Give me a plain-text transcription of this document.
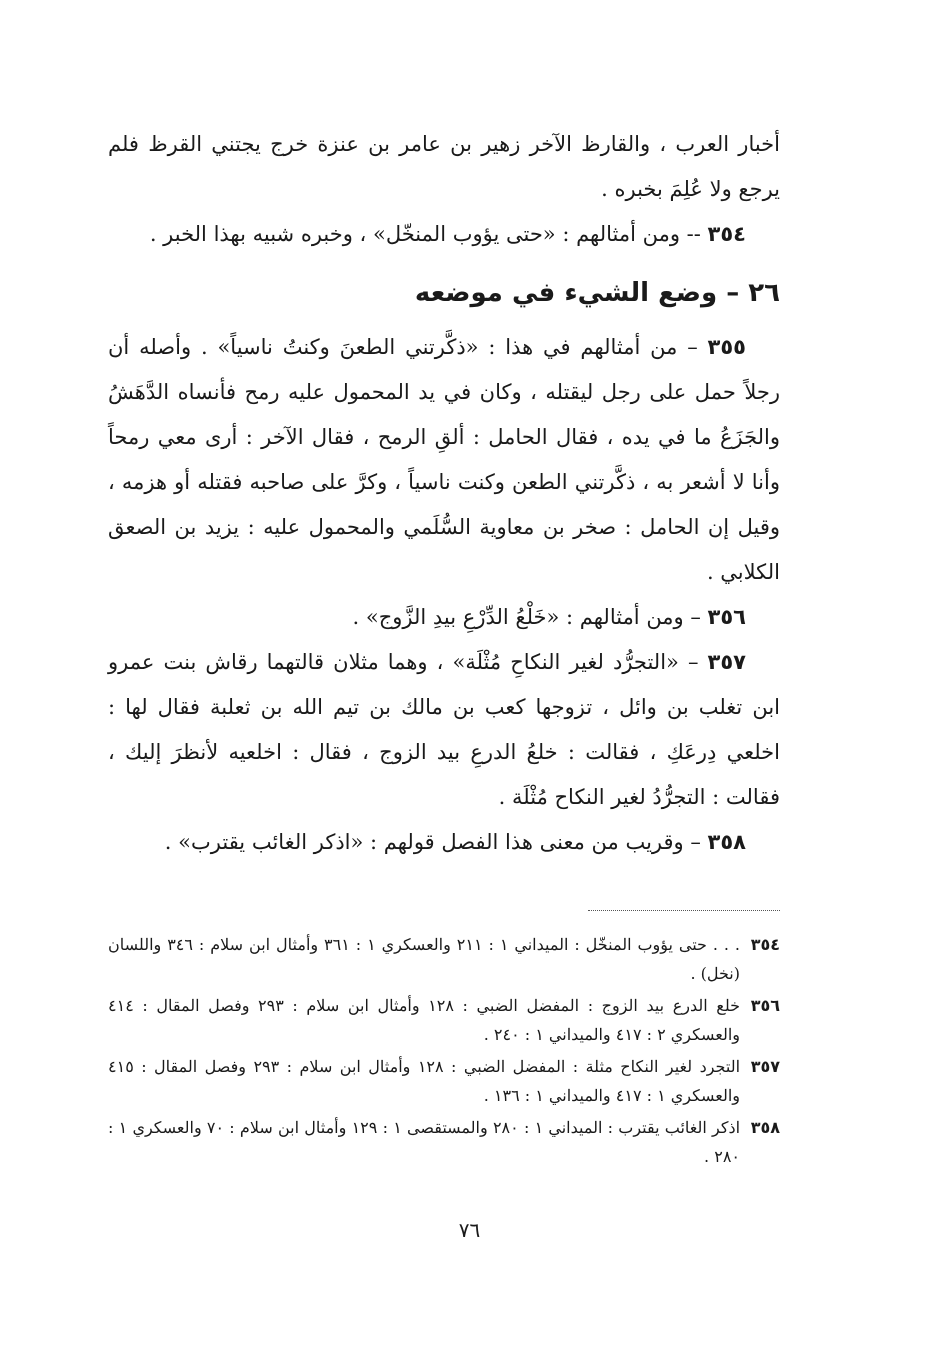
أخبار العرب ، والقارظ الآخر زهير بن عامر بن عنزة خرج يجتني القرظ فلم يرجع ولا عُلِمَ بخبره .

٣٥٤ -- ومن أمثالهم : «حتى يؤوب المنخّل» ، وخبره شبيه بهذا الخبر .

٢٦ – وضع الشيء في موضعه

٣٥٥ – من أمثالهم في هذا : «ذكَّرتني الطعنَ وكنتُ ناسياً» . وأصله أن رجلاً حمل على رجل ليقتله ، وكان في يد المحمول عليه رمح فأنساه الدَّهَشُ والجَزَعُ ما في يده ، فقال الحامل : ألقِ الرمح ، فقال الآخر : أرى معي رمحاً وأنا لا أشعر به ، ذكَّرتني الطعن وكنت ناسياً ، وكرَّ على صاحبه فقتله أو هزمه ، وقيل إن الحامل : صخر بن معاوية السُّلَمي والمحمول عليه : يزيد بن الصعق الكلابي .

٣٥٦ – ومن أمثالهم : «خَلْعُ الدِّرْعِ بيدِ الزَّوج» .

٣٥٧ – «التجرُّد لغير النكاحِ مُثْلَة» ، وهما مثلان قالتهما رقاش بنت عمرو ابن تغلب بن وائل ، تزوجها كعب بن مالك بن تيم الله بن ثعلبة فقال لها : اخلعي دِرعَكِ ، فقالت : خلعُ الدرعِ بيد الزوج ، فقال : اخلعيه لأنظرَ إليك ، فقالت : التجرُّدُ لغير النكاح مُثْلَة .

٣٥٨ – وقريب من معنى هذا الفصل قولهم : «اذكر الغائب يقترب» .

٣٥٤
. . . حتى يؤوب المنخّل : الميداني ١ : ٢١١ والعسكري ١ : ٣٦١ وأمثال ابن سلام : ٣٤٦ واللسان (نخل) .
٣٥٦
خلع الدرع بيد الزوج : المفضل الضبي : ١٢٨ وأمثال ابن سلام : ٢٩٣ وفصل المقال : ٤١٤ والعسكري ٢ : ٤١٧ والميداني ١ : ٢٤٠ .
٣٥٧
التجرد لغير النكاح مثلة : المفضل الضبي : ١٢٨ وأمثال ابن سلام : ٢٩٣ وفصل المقال : ٤١٥ والعسكري ١ : ٤١٧ والميداني ١ : ١٣٦ .
٣٥٨
اذكر الغائب يقترب : الميداني ١ : ٢٨٠ والمستقصى ١ : ١٢٩ وأمثال ابن سلام : ٧٠ والعسكري ١ : ٢٨٠ .
٧٦
